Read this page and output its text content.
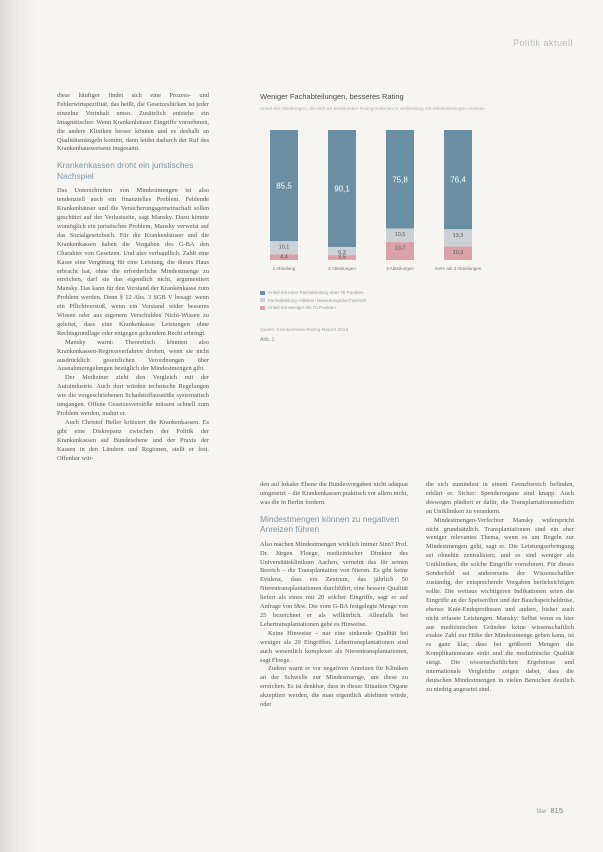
Politik aktuell

diese häufiger findet sich eine Prozess- und Fehlerwirtspezifität, das heißt, die Gesetzeslücken ist jeder einzelne Vorinhalt umso. Zusätzlich entstehe ein Imagnetischer. Wenn Krankenhäuser Eingriffe vornehmen, die andere Kliniken besser können und es deshalb an Qualitätsmängeln kommt, dann leidet dadurch der Ruf des Krankenhausweisens insgesamt.

Krankenkassen droht ein juristisches Nachspiel

Das Unterschreiten von Mindestmengen ist also tendenziell auch ein finanzielles Problem. Fehlende Krankenhäuser und die Versicherungsgemeinschaft sollen geschützt auf der Verlustseite, sagt Mansky. Dazu könnte womöglich ein juristisches Problem, Mansky verweist auf das Sozialgesetzbuch. Für die Krankenhäuser und die Krankenkassen haben die Vorgaben des G-BA den Charakter von Gesetzen. Und also verhandlich. Zahlt eine Kasse eine Vergütung für eine Leistung, die dieses Haus erbracht hat, ohne die erforderliche Mindestmenge zu erreichen, darf sie das eigentlich nicht, argumentiert Mansky. Das kann für den Vorstand der Krankenkasse zum Problem werden. Denn § 12 Abs. 3 SGB V besagt: wenn ein Pflichtverstoß, wenn ein Vorstand wider besseres Wissen oder aus eigenem Verschulden Nicht-Wissen zu geleitet, dass eine Krankenkasse Leistungen ohne Rechtsgrundlage oder entgegen geltendem Recht erbringt.

Mansky warnt: Theoretisch könnten also Krankenkassen-Regressverfahren drohen, wenn sie nicht ausdrücklich gesetzlichen Verordnungen über Ausnahmeregelungen bezüglich der Mindestmengen gibt.

Der Mediziner zieht den Vergleich mit der Autoindustrie. Auch dort würden technische Regelungen wie die vorgeschriebenen Schadstoffausstöße systematisch umgangen. Offene Gesetzesverstöße müssen schnell zum Problem werden, mahnt er.

Auch Christof Heller kritisiert die Krankenkassen. Es gibt eine Diskrepanz zwischen der Politik der Krankenkassen auf Bundesebene und der Praxis der Kassen in den Ländern und Regionen, stellt er fest. Offenbar wür-

Weniger Fachabteilungen, besseres Rating
Anteil der Abteilungen, die sich an bestimmten Rating-Kriterien in Verbindung mit Mindestmengen messen
85,5
10,1
4,4
1 Abteilung
90,1
6,3
3,5
2 Abteilungen
75,8
10,5
13,7
3 Abteilungen
76,4
13,3
10,3
mehr als 3 Abteilungen
Anteil mit einer Fachabteilung über 70 Punkten
Fachabteilung mittleren Bewertungsdurchschnitt
Anteil mit weniger als 70 Punkten
Quelle: Krankenhaus-Rating-Report 2015
Abb. 1

den auf lokaler Ebene die Bundesvorgaben nicht adäquat umgesetzt – die Krankenkassen praktisch vor allem nicht, was die in Berlin fordern.

Mindestmengen können zu negativen Anreizen führen

Also machen Mindestmengen wirklich immer Sinn? Prof. Dr. Jürgen Floege, medizinischer Direktor des Universitätsklinikum Aachen, verneint das für seinen Bereich – die Transplantation von Nieren. Es gibt keine Evidenz, dass ein Zentrum, das jährlich 50 Nierentransplantationen durchführt, eine bessere Qualität liefert als eines mit 20 solcher Eingriffe, sagt er auf Anfrage von f&w. Die vom G-BA festgelegte Menge von 25 bezeichnet er als willkürlich. Allenfalls bei Lebertransplantationen gebe es Hinweise.

Keine Hinweise – nur eine sinkende Qualität bei weniger als 20 Eingriffen. Lebertransplantationen sind auch wesentlich komplexer als Nierentransplantationen, sagt Floege.

Zudem warnt er vor negativen Anreizen für Kliniken an der Schwelle zur Mindestmenge, um diese zu erreichen. Es ist denkbar, dass in dieser Situation Organe akzeptiert werden, die man eigentlich ablehnen würde, oder

die sich zumindest in einem Grenzbereich befinden, erklärt er. Sicher: Spenderorgane sind knapp. Auch deswegen plädiert er dafür, die Transplantationsmedizin an Unikliniken zu verankern.

Mindestmengen-Verfechter Mansky widerspricht nicht grundsätzlich. Transplantationen sind ein eher weniger relevantes Thema, wenn es um Regeln zur Mindestmengen geht, sagt er. Die Leistungserbringung sei ohnehin zentralisiert, und es sind weniger als Unikliniken, die solche Eingriffe vornehmen. Für dieses Sonderfeld sei andererseits der Wissenschaftler zuständig, der entsprechende Vorgaben berücksichtigen sollte. Die weitaus wichtigeren Indikationen seien die Eingriffe an der Speiseröhre und der Bauchspeicheldrüse, ebenso Knie-Endoprothesen und andere, bisher auch nicht erfasste Leistungen. Mansky: Selbst wenn es hier aus medizinischen Gründen keine wissenschaftlich exakte Zahl zur Höhe der Mindestmenge geben kann, ist es ganz klar, dass bei größeren Mengen die Komplikationsrate sinkt und die medizinische Qualität steigt. Die wissenschaftlichen Ergebnisse und internationale Vergleiche zeigen dabei, dass die deutschen Mindestmengen in vielen Bereichen deutlich zu niedrig angesetzt sind.

f&w 815
